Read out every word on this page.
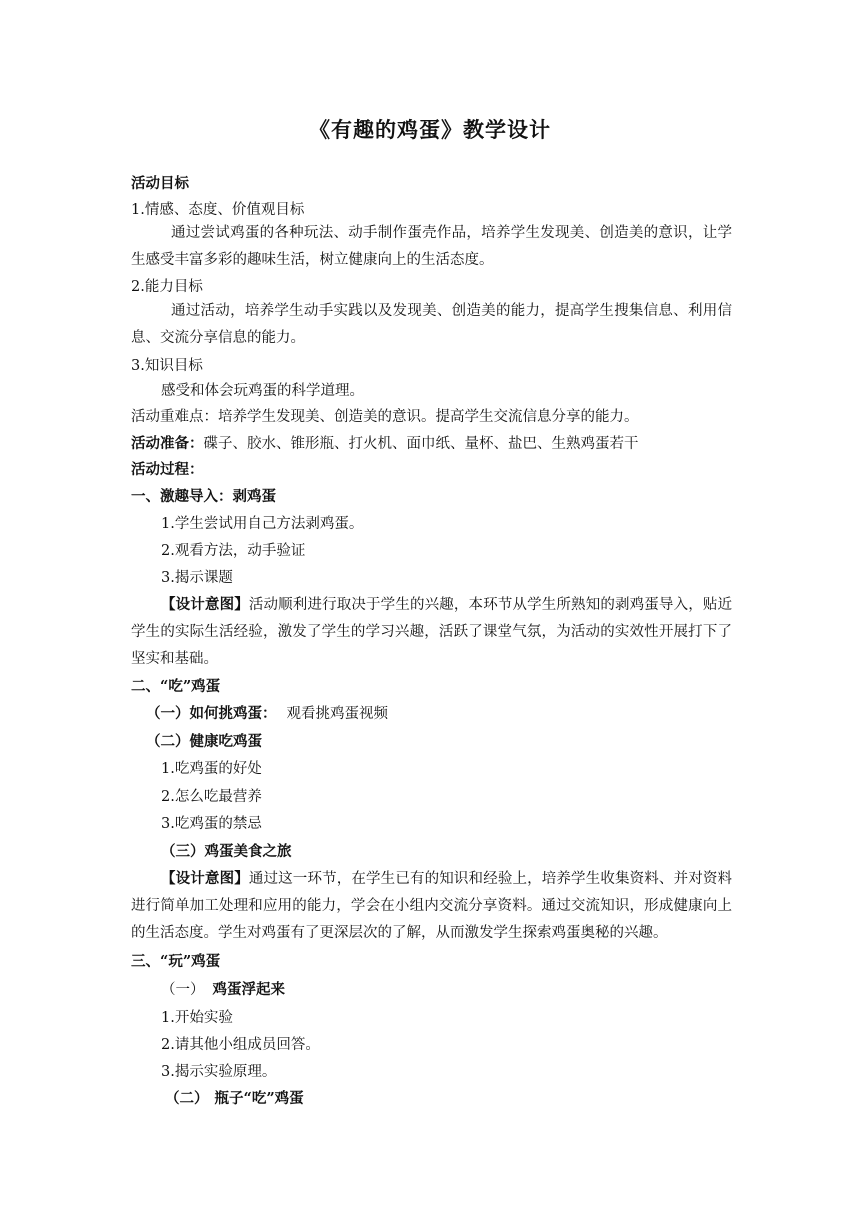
《有趣的鸡蛋》教学设计
活动目标
1.情感、态度、价值观目标
通过尝试鸡蛋的各种玩法、动手制作蛋壳作品，培养学生发现美、创造美的意识，让学生感受丰富多彩的趣味生活，树立健康向上的生活态度。
2.能力目标
通过活动，培养学生动手实践以及发现美、创造美的能力，提高学生搜集信息、利用信息、交流分享信息的能力。
3.知识目标
感受和体会玩鸡蛋的科学道理。
活动重难点：培养学生发现美、创造美的意识。提高学生交流信息分享的能力。
活动准备：碟子、胶水、锥形瓶、打火机、面巾纸、量杯、盐巴、生熟鸡蛋若干
活动过程：
一、激趣导入：剥鸡蛋
1.学生尝试用自己方法剥鸡蛋。
2.观看方法，动手验证
3.揭示课题
【设计意图】活动顺利进行取决于学生的兴趣，本环节从学生所熟知的剥鸡蛋导入，贴近学生的实际生活经验，激发了学生的学习兴趣，活跃了课堂气氛，为活动的实效性开展打下了坚实和基础。
二、“吃”鸡蛋
（一）如何挑鸡蛋： 观看挑鸡蛋视频
（二）健康吃鸡蛋
1.吃鸡蛋的好处
2.怎么吃最营养
3.吃鸡蛋的禁忌
（三）鸡蛋美食之旅
【设计意图】通过这一环节，在学生已有的知识和经验上，培养学生收集资料、并对资料进行简单加工处理和应用的能力，学会在小组内交流分享资料。通过交流知识，形成健康向上的生活态度。学生对鸡蛋有了更深层次的了解，从而激发学生探索鸡蛋奥秘的兴趣。
三、“玩”鸡蛋
（一） 鸡蛋浮起来
1.开始实验
2.请其他小组成员回答。
3.揭示实验原理。
（二） 瓶子“吃”鸡蛋
